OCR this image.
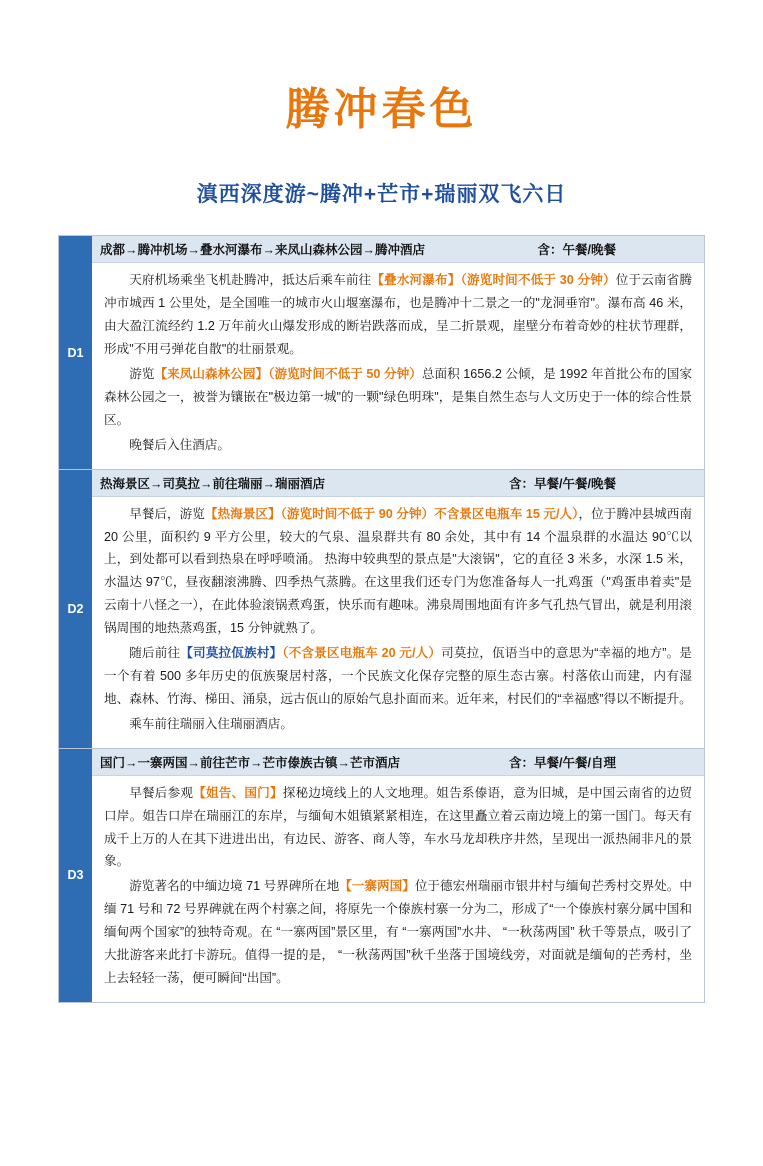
腾冲春色
滇西深度游~腾冲+芒市+瑞丽双飞六日
D1
成都→腾冲机场→叠水河瀑布→来凤山森林公园→腾冲酒店	含：午餐/晚餐

天府机场乘坐飞机赴腾冲，抵达后乘车前往【叠水河瀑布】（游览时间不低于 30 分钟）位于云南省腾冲市城西 1 公里处，是全国唯一的城市火山堰塞瀑布，也是腾冲十二景之一的"龙洞垂帘"。瀑布高 46 米，由大盈江流经约 1.2 万年前火山爆发形成的断岩跌落而成，呈二折景观，崖壁分布着奇妙的柱状节理群，形成"不用弓弹花自散"的壮丽景观。

游览【来凤山森林公园】（游览时间不低于 50 分钟）总面积 1656.2 公倾，是 1992 年首批公布的国家森林公园之一，被誉为镶嵌在"极边第一城"的一颗"绿色明珠"，是集自然生态与人文历史于一体的综合性景区。

晚餐后入住酒店。

D2
热海景区→司莫拉→前往瑞丽→瑞丽酒店	含：早餐/午餐/晚餐

早餐后，游览【热海景区】（游览时间不低于 90 分钟）不含景区电瓶车 15 元/人），位于腾冲县城西南 20 公里，面积约 9 平方公里，较大的气泉、温泉群共有 80 余处，其中有 14 个温泉群的水温达 90℃以上，到处都可以看到热泉在呼呼喷涌。 热海中较典型的景点是"大滚锅"，它的直径 3 米多，水深 1.5 米，水温达 97℃，昼夜翻滚沸腾、四季热气蒸腾。在这里我们还专门为您准备每人一扎鸡蛋（"鸡蛋串着卖"是云南十八怪之一），在此体验滚锅煮鸡蛋，快乐而有趣味。沸泉周围地面有许多气孔热气冒出，就是利用滚锅周围的地热蒸鸡蛋，15 分钟就熟了。

随后前往【司莫拉佤族村】（不含景区电瓶车 20 元/人）司莫拉，佤语当中的意思为“幸福的地方”。是一个有着 500 多年历史的佤族聚居村落，一个民族文化保存完整的原生态古寨。村落依山而建，内有湿地、森林、竹海、梯田、涌泉，远古佤山的原始气息扑面而来。近年来，村民们的“幸福感”得以不断提升。

乘车前往瑞丽入住瑞丽酒店。

D3
国门→一寨两国→前往芒市→芒市傣族古镇→芒市酒店	含：早餐/午餐/自理

早餐后参观【姐告、国门】探秘边境线上的人文地理。姐告系傣语，意为旧城，是中国云南省的边贸口岸。姐告口岸在瑞丽江的东岸，与缅甸木姐镇紧紧相连，在这里矗立着云南边境上的第一国门。每天有成千上万的人在其下进进出出，有边民、游客、商人等，车水马龙却秩序井然，呈现出一派热闹非凡的景象。

游览著名的中缅边境 71 号界碑所在地【一寨两国】位于德宏州瑞丽市银井村与缅甸芒秀村交界处。中缅 71 号和 72 号界碑就在两个村寨之间，将原先一个傣族村寨一分为二，形成了“一个傣族村寨分属中国和缅甸两个国家”的独特奇观。在 “一寨两国”景区里，有 “一寨两国”水井、 “一秋荡两国” 秋千等景点，吸引了大批游客来此打卡游玩。值得一提的是， “一秋荡两国”秋千坐落于国境线旁，对面就是缅甸的芒秀村，坐上去轻轻一荡，便可瞬间“出国”。
